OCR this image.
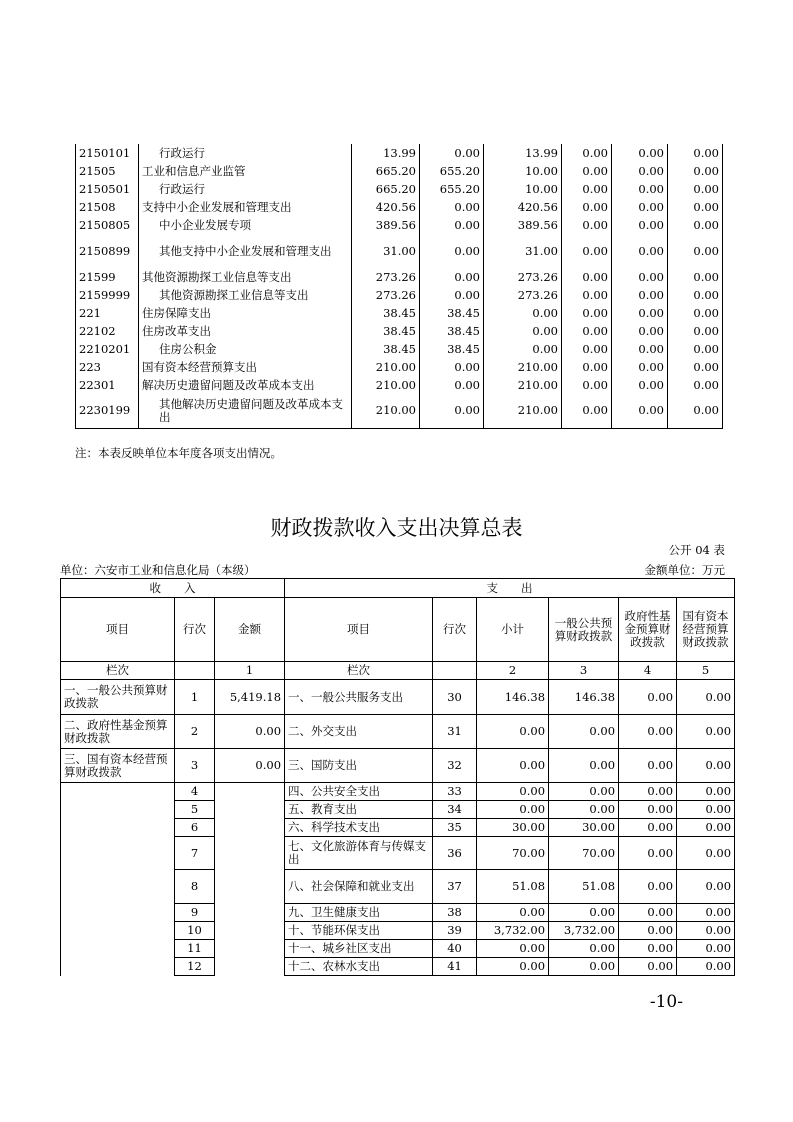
2150101	行政运行	13.99	0.00	13.99	0.00	0.00	0.00
21505	工业和信息产业监管	665.20	655.20	10.00	0.00	0.00	0.00
2150501	行政运行	665.20	655.20	10.00	0.00	0.00	0.00
21508	支持中小企业发展和管理支出	420.56	0.00	420.56	0.00	0.00	0.00
2150805	中小企业发展专项	389.56	0.00	389.56	0.00	0.00	0.00
2150899	其他支持中小企业发展和管理支出	31.00	0.00	31.00	0.00	0.00	0.00
21599	其他资源勘探工业信息等支出	273.26	0.00	273.26	0.00	0.00	0.00
2159999	其他资源勘探工业信息等支出	273.26	0.00	273.26	0.00	0.00	0.00
221	住房保障支出	38.45	38.45	0.00	0.00	0.00	0.00
22102	住房改革支出	38.45	38.45	0.00	0.00	0.00	0.00
2210201	住房公积金	38.45	38.45	0.00	0.00	0.00	0.00
223	国有资本经营预算支出	210.00	0.00	210.00	0.00	0.00	0.00
22301	解决历史遗留问题及改革成本支出	210.00	0.00	210.00	0.00	0.00	0.00
2230199	其他解决历史遗留问题及改革成本支出	210.00	0.00	210.00	0.00	0.00	0.00
注：本表反映单位本年度各项支出情况。
财政拨款收入支出决算总表
公开 04 表
单位：六安市工业和信息化局（本级）	金额单位：万元
收　　入			支　　出					
项目	行次	金额	项目	行次	小计	一般公共预算财政拨款	政府性基金预算财政拨款	国有资本经营预算财政拨款
栏次		1	栏次		2	3	4	5
一、一般公共预算财政拨款	1	5,419.18	一、一般公共服务支出	30	146.38	146.38	0.00	0.00
二、政府性基金预算财政拨款	2	0.00	二、外交支出	31	0.00	0.00	0.00	0.00
三、国有资本经营预算财政拨款	3	0.00	三、国防支出	32	0.00	0.00	0.00	0.00
	4		四、公共安全支出	33	0.00	0.00	0.00	0.00
	5		五、教育支出	34	0.00	0.00	0.00	0.00
	6		六、科学技术支出	35	30.00	30.00	0.00	0.00
	7		七、文化旅游体育与传媒支出	36	70.00	70.00	0.00	0.00
	8		八、社会保障和就业支出	37	51.08	51.08	0.00	0.00
	9		九、卫生健康支出	38	0.00	0.00	0.00	0.00
	10		十、节能环保支出	39	3,732.00	3,732.00	0.00	0.00
	11		十一、城乡社区支出	40	0.00	0.00	0.00	0.00
	12		十二、农林水支出	41	0.00	0.00	0.00	0.00
-10-
